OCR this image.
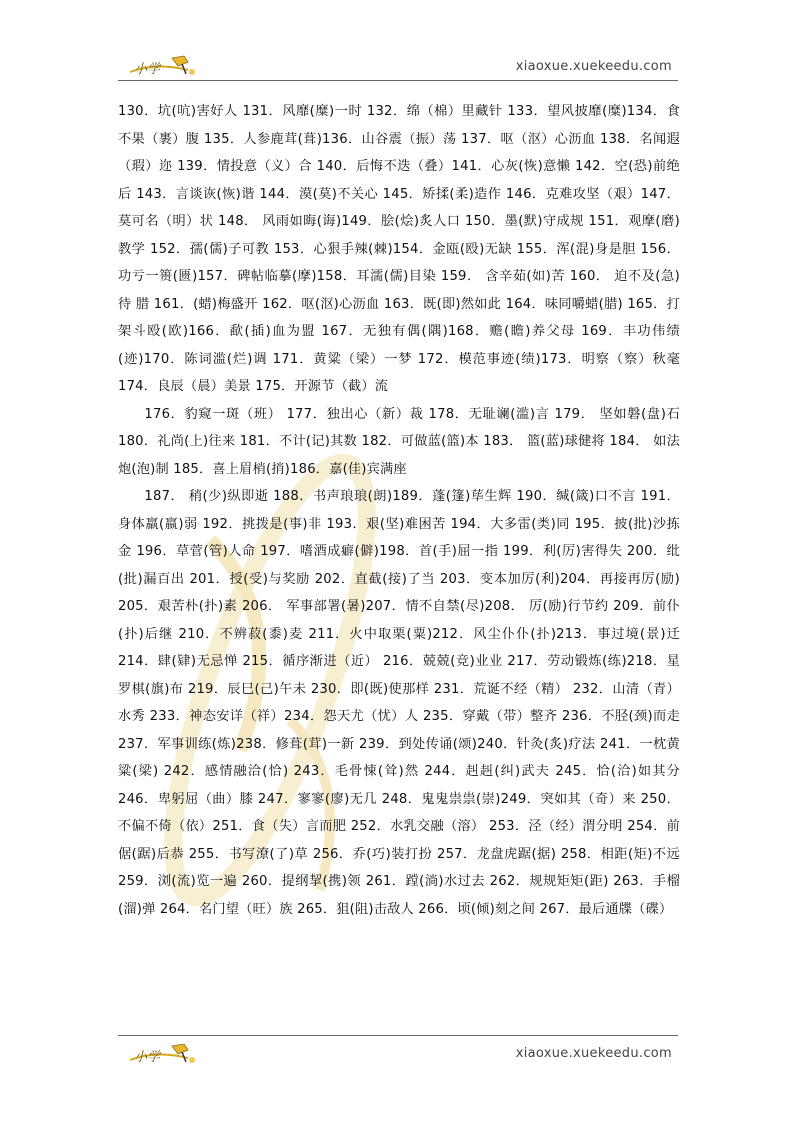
小学	xiaoxue.xuekeedu.com

130．坑(吭)害好人 131．风靡(糜)一时 132．绵（棉）里藏针 133．望风披靡(糜)134．食不果（裹）腹 135．人参鹿茸(葺)136．山谷震（振）荡 137．呕（沤）心沥血 138．名闻遐（瑕）迩 139．情投意（义）合 140．后悔不迭（叠）141．心灰(恢)意懒 142．空(恐)前绝后 143．言谈诙(恢)谐 144．漠(莫)不关心 145．矫揉(柔)造作 146．克难攻坚（艰）147．莫可名（明）状 148． 风雨如晦(诲)149．脍(烩)炙人口 150．墨(默)守成规 151．观摩(磨)教学 152．孺(儒)子可教 153．心狠手辣(棘)154．金瓯(殴)无缺 155．浑(混)身是胆 156．功亏一篑(匮)157．碑帖临摹(摩)158．耳濡(儒)目染 159． 含辛茹(如)苦 160． 迫不及(急)待 腊 161．(蜡)梅盛开 162．呕(沤)心沥血 163．既(即)然如此 164．味同嚼蜡(腊) 165．打架斗殴(欧)166．歃(插)血为盟 167．无独有偶(隅)168．赡(瞻)养父母 169．丰功伟绩(迹)170．陈词滥(烂)调 171．黄粱（梁）一梦 172．模范事迹(绩)173．明察（察）秋毫 174．良辰（晨）美景 175．开源节（截）流

176．豹窥一斑（班） 177．独出心（新）裁 178．无耻谰(滥)言 179． 坚如磐(盘)石 180．礼尚(上)往来 181．不计(记)其数 182．可做蓝(篮)本 183． 篮(蓝)球健将 184． 如法炮(泡)制 185．喜上眉梢(捎)186．嘉(佳)宾满座

187． 稍(少)纵即逝 188．书声琅琅(朗)189．蓬(篷)荜生辉 190．缄(箴)口不言 191．身体羸(嬴)弱 192．挑拨是(事)非 193．艰(坚)难困苦 194．大多雷(类)同 195．披(批)沙拣金 196．草菅(管)人命 197．嗜酒成癖(僻)198．首(手)屈一指 199．利(厉)害得失 200．纰(批)漏百出 201．授(受)与奖励 202．直截(接)了当 203．变本加厉(利)204．再接再厉(励) 205．艰苦朴(扑)素 206． 军事部署(暑)207．情不自禁(尽)208． 厉(励)行节约 209．前仆(扑)后继 210．不辨菽(黍)麦 211．火中取栗(粟)212．风尘仆仆(扑)213．事过境(景)迁 214．肆(肄)无忌惮 215．循序渐进（近） 216．兢兢(竞)业业 217．劳动锻炼(练)218．星罗棋(旗)布 219．辰巳(己)午未 230．即(既)使那样 231．荒诞不经（精） 232．山清（青）水秀 233．神态安详（祥）234．怨天尤（忧）人 235．穿戴（带）整齐 236．不胫(颈)而走 237．军事训练(炼)238．修葺(茸)一新 239．到处传诵(颂)240．针灸(炙)疗法 241．一枕黄粱(梁) 242．感情融洽(恰) 243．毛骨悚(耸)然 244．赳赳(纠)武夫 245．恰(洽)如其分 246．卑躬屈（曲）膝 247．寥寥(廖)无几 248．鬼鬼祟祟(崇)249．突如其（奇）来 250．不偏不倚（依）251．食（失）言而肥 252．水乳交融（溶） 253．泾（经）渭分明 254．前倨(踞)后恭 255．书写潦(了)草 256．乔(巧)装打扮 257．龙盘虎踞(据) 258．相距(矩)不远 259．浏(流)览一遍 260．提纲挈(携)领 261．蹚(淌)水过去 262．规规矩矩(距) 263．手榴(溜)弹 264．名门望（旺）族 265．狙(阻)击敌人 266．顷(倾)刻之间 267．最后通牒（碟）

小学	xiaoxue.xuekeedu.com
